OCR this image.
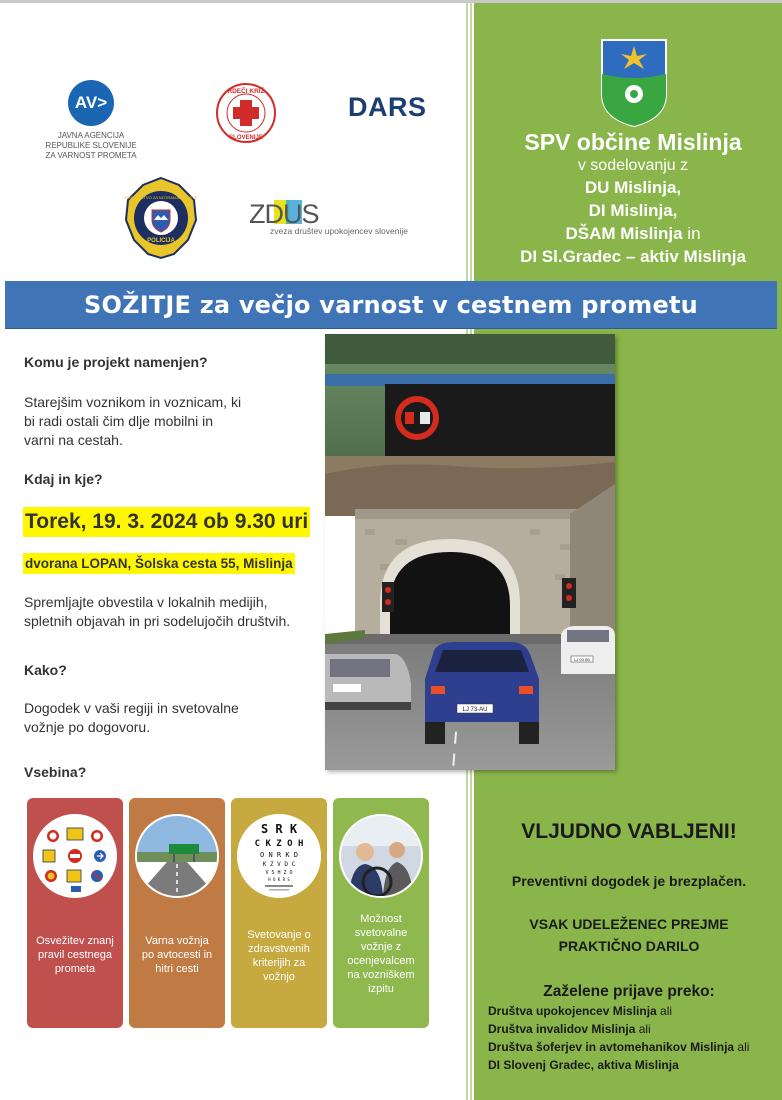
AV>
JAVNA AGENCIJA
REPUBLIKE SLOVENIJE
ZA VARNOST PROMETA
RDEČI KRIŽ
SLOVENIJE
DARS
MINISTRSTVO ZA NOTRANJE ZADEVE
POLICIJA
ZDUS
zveza društev upokojencev slovenije
SPV občine Mislinja
v sodelovanju z
DU Mislinja,
DI Mislinja,
DŠAM Mislinja in
DI Sl.Gradec – aktiv Mislinja
SOŽITJE za večjo varnost v cestnem prometu
Komu je projekt namenjen?
Starejšim voznikom in voznicam, ki
bi radi ostali čim dlje mobilni in
varni na cestah.
Kdaj in kje?
Torek, 19. 3. 2024 ob 9.30 uri
dvorana LOPAN, Šolska cesta 55, Mislinja
Spremljajte obvestila v lokalnih medijih,
spletnih objavah in pri sodelujočih društvih.
Kako?
Dogodek v vaši regiji in svetovalne
vožnje po dogovoru.
Vsebina?
LJ 73-AU
LJ 03 B0
Osvežitev znanj
pravil cestnega
prometa
Varna vožnja
po avtocesti in
hitri cesti
S R K
C K Z O H
O N R K D
K Z V D C
V S H Z O
H O K R S
Svetovanje o
zdravstvenih
kriterijih za
vožnjo
Možnost
svetovalne
vožnje z
ocenjevalcem
na vozniškem
izpitu
VLJUDNO VABLJENI!
Preventivni dogodek je brezplačen.
VSAK UDELEŽENEC PREJME
PRAKTIČNO DARILO
Zaželene prijave preko:
Društva upokojencev Mislinja ali
Društva invalidov Mislinja ali
Društva šoferjev in avtomehanikov Mislinja ali
DI Slovenj Gradec, aktiva Mislinja
